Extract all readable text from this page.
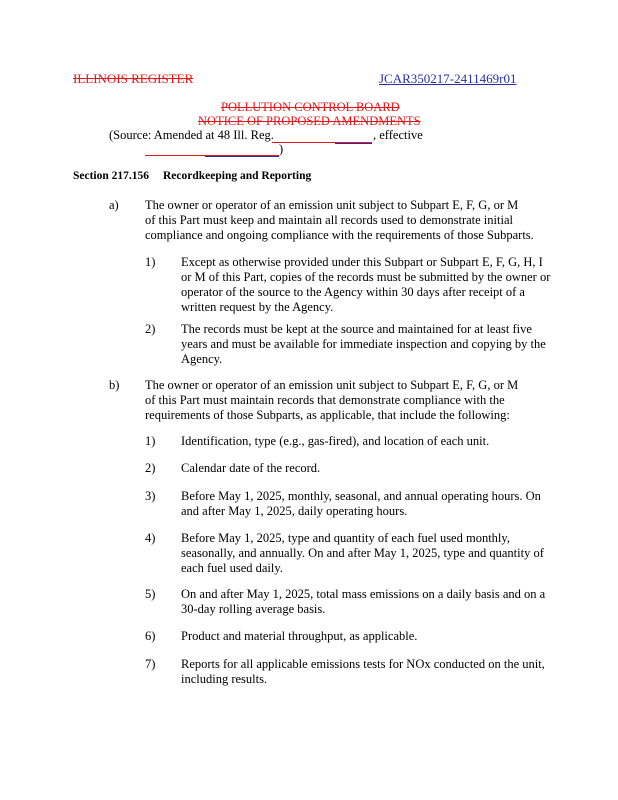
ILLINOIS REGISTER	JCAR350217-2411469r01
POLLUTION CONTROL BOARD
NOTICE OF PROPOSED AMENDMENTS
(Source: Amended at 48 Ill. Reg.	, effective
)
Section 217.156 Recordkeeping and Reporting
a) The owner or operator of an emission unit subject to Subpart E, F, G, or M
of this Part must keep and maintain all records used to demonstrate initial
compliance and ongoing compliance with the requirements of those Subparts.
1) Except as otherwise provided under this Subpart or Subpart E, F, G, H, I
or M of this Part, copies of the records must be submitted by the owner or
operator of the source to the Agency within 30 days after receipt of a
written request by the Agency.
2) The records must be kept at the source and maintained for at least five
years and must be available for immediate inspection and copying by the
Agency.
b) The owner or operator of an emission unit subject to Subpart E, F, G, or M
of this Part must maintain records that demonstrate compliance with the
requirements of those Subparts, as applicable, that include the following:
1) Identification, type (e.g., gas-fired), and location of each unit.
2) Calendar date of the record.
3) Before May 1, 2025, monthly, seasonal, and annual operating hours. On
and after May 1, 2025, daily operating hours.
4) Before May 1, 2025, type and quantity of each fuel used monthly,
seasonally, and annually. On and after May 1, 2025, type and quantity of
each fuel used daily.
5) On and after May 1, 2025, total mass emissions on a daily basis and on a
30-day rolling average basis.
6) Product and material throughput, as applicable.
7) Reports for all applicable emissions tests for NOx conducted on the unit,
including results.
